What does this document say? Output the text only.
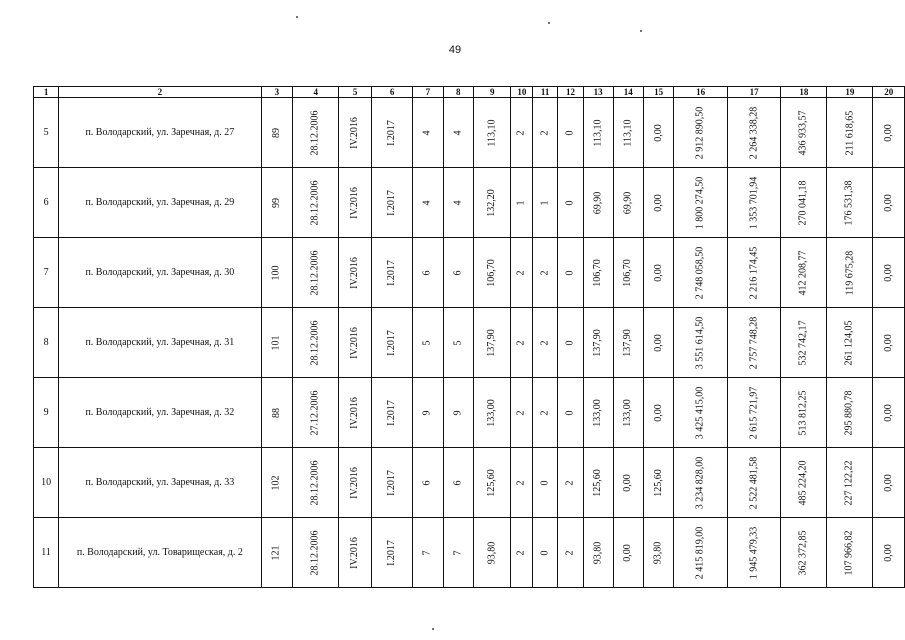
49
1	2	3	4	5	6	7	8	9	10	11	12	13	14	15	16	17	18	19	20
5	п. Володарский, ул. Заречная, д. 27	89	28.12.2006	IV.2016	I.2017	4	4	113,10	2	2	0	113,10	113,10	0,00	2 912 890,50	2 264 338,28	436 933,57	211 618,65	0,00
6	п. Володарский, ул. Заречная, д. 29	99	28.12.2006	IV.2016	I.2017	4	4	132,20	1	1	0	69,90	69,90	0,00	1 800 274,50	1 353 701,94	270 041,18	176 531,38	0,00
7	п. Володарский, ул. Заречная, д. 30	100	28.12.2006	IV.2016	I.2017	6	6	106,70	2	2	0	106,70	106,70	0,00	2 748 058,50	2 216 174,45	412 208,77	119 675,28	0,00
8	п. Володарский, ул. Заречная, д. 31	101	28.12.2006	IV.2016	I.2017	5	5	137,90	2	2	0	137,90	137,90	0,00	3 551 614,50	2 757 748,28	532 742,17	261 124,05	0,00
9	п. Володарский, ул. Заречная, д. 32	88	27.12.2006	IV.2016	I.2017	9	9	133,00	2	2	0	133,00	133,00	0,00	3 425 415,00	2 615 721,97	513 812,25	295 880,78	0,00
10	п. Володарский, ул. Заречная, д. 33	102	28.12.2006	IV.2016	I.2017	6	6	125,60	2	0	2	125,60	0,00	125,60	3 234 828,00	2 522 481,58	485 224,20	227 122,22	0,00
11	п. Володарский, ул. Товарищеская, д. 2	121	28.12.2006	IV.2016	I.2017	7	7	93,80	2	0	2	93,80	0,00	93,80	2 415 819,00	1 945 479,33	362 372,85	107 966,82	0,00
